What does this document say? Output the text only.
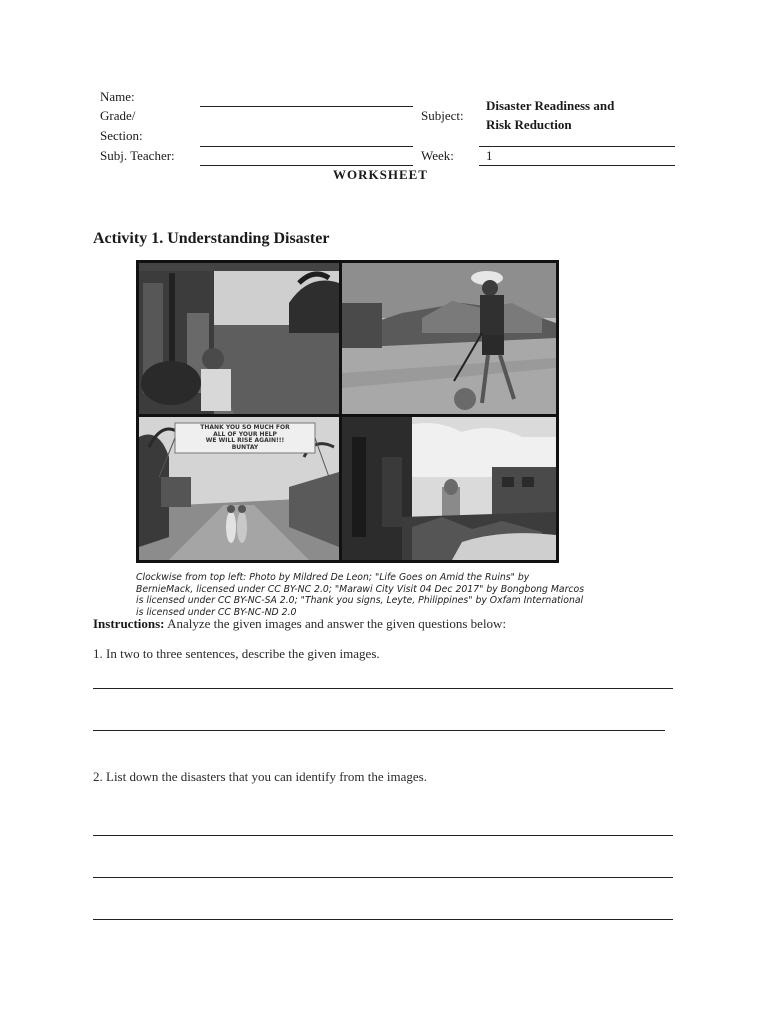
Name:
Grade/
Section:
Subj. Teacher:
Subject:
Disaster Readiness and
Risk Reduction
Week: 1
WORKSHEET
Activity 1. Understanding Disaster
THANK YOU SO MUCH FOR
ALL OF YOUR HELP
WE WILL RISE AGAIN!!!
BUNTAY
Clockwise from top left: Photo by Mildred De Leon; "Life Goes on Amid the Ruins" by
BernieMack, licensed under CC BY-NC 2.0; "Marawi City Visit 04 Dec 2017" by Bongbong Marcos
is licensed under CC BY-NC-SA 2.0; "Thank you signs, Leyte, Philippines" by Oxfam International
is licensed under CC BY-NC-ND 2.0
Instructions: Analyze the given images and answer the given questions below:
1. In two to three sentences, describe the given images.
2. List down the disasters that you can identify from the images.
